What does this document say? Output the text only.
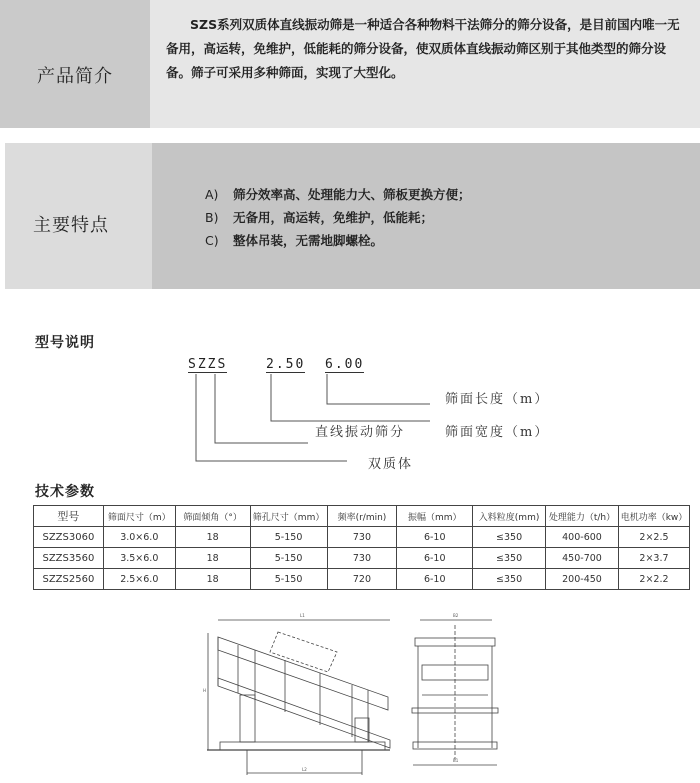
产品简介

SZS系列双质体直线振动筛是一种适合各种物料干法筛分的筛分设备，是目前国内唯一无备用，高运转，免维护，低能耗的筛分设备，使双质体直线振动筛区别于其他类型的筛分设备。筛子可采用多种筛面，实现了大型化。

主要特点
A) 筛分效率高、处理能力大、筛板更换方便；
B) 无备用，高运转，免维护，低能耗；
C) 整体吊装，无需地脚螺栓。
型号说明
SZZS	2.50 6.00
筛面长度（m）
筛面宽度（m）
直线振动筛分
双质体
技术参数
型号	筛面尺寸（m）	筛面倾角（°）	筛孔尺寸（mm）	频率(r/min)	振幅（mm）	入料粒度(mm)	处理能力（t/h）	电机功率（kw）
SZZS3060	3.0×6.0	18	5-150	730	6-10	≤350	400-600	2×2.5
SZZS3560	3.5×6.0	18	5-150	730	6-10	≤350	450-700	2×3.7
SZZS2560	2.5×6.0	18	5-150	720	6-10	≤350	200-450	2×2.2
L1
L2
H
B2
B1
